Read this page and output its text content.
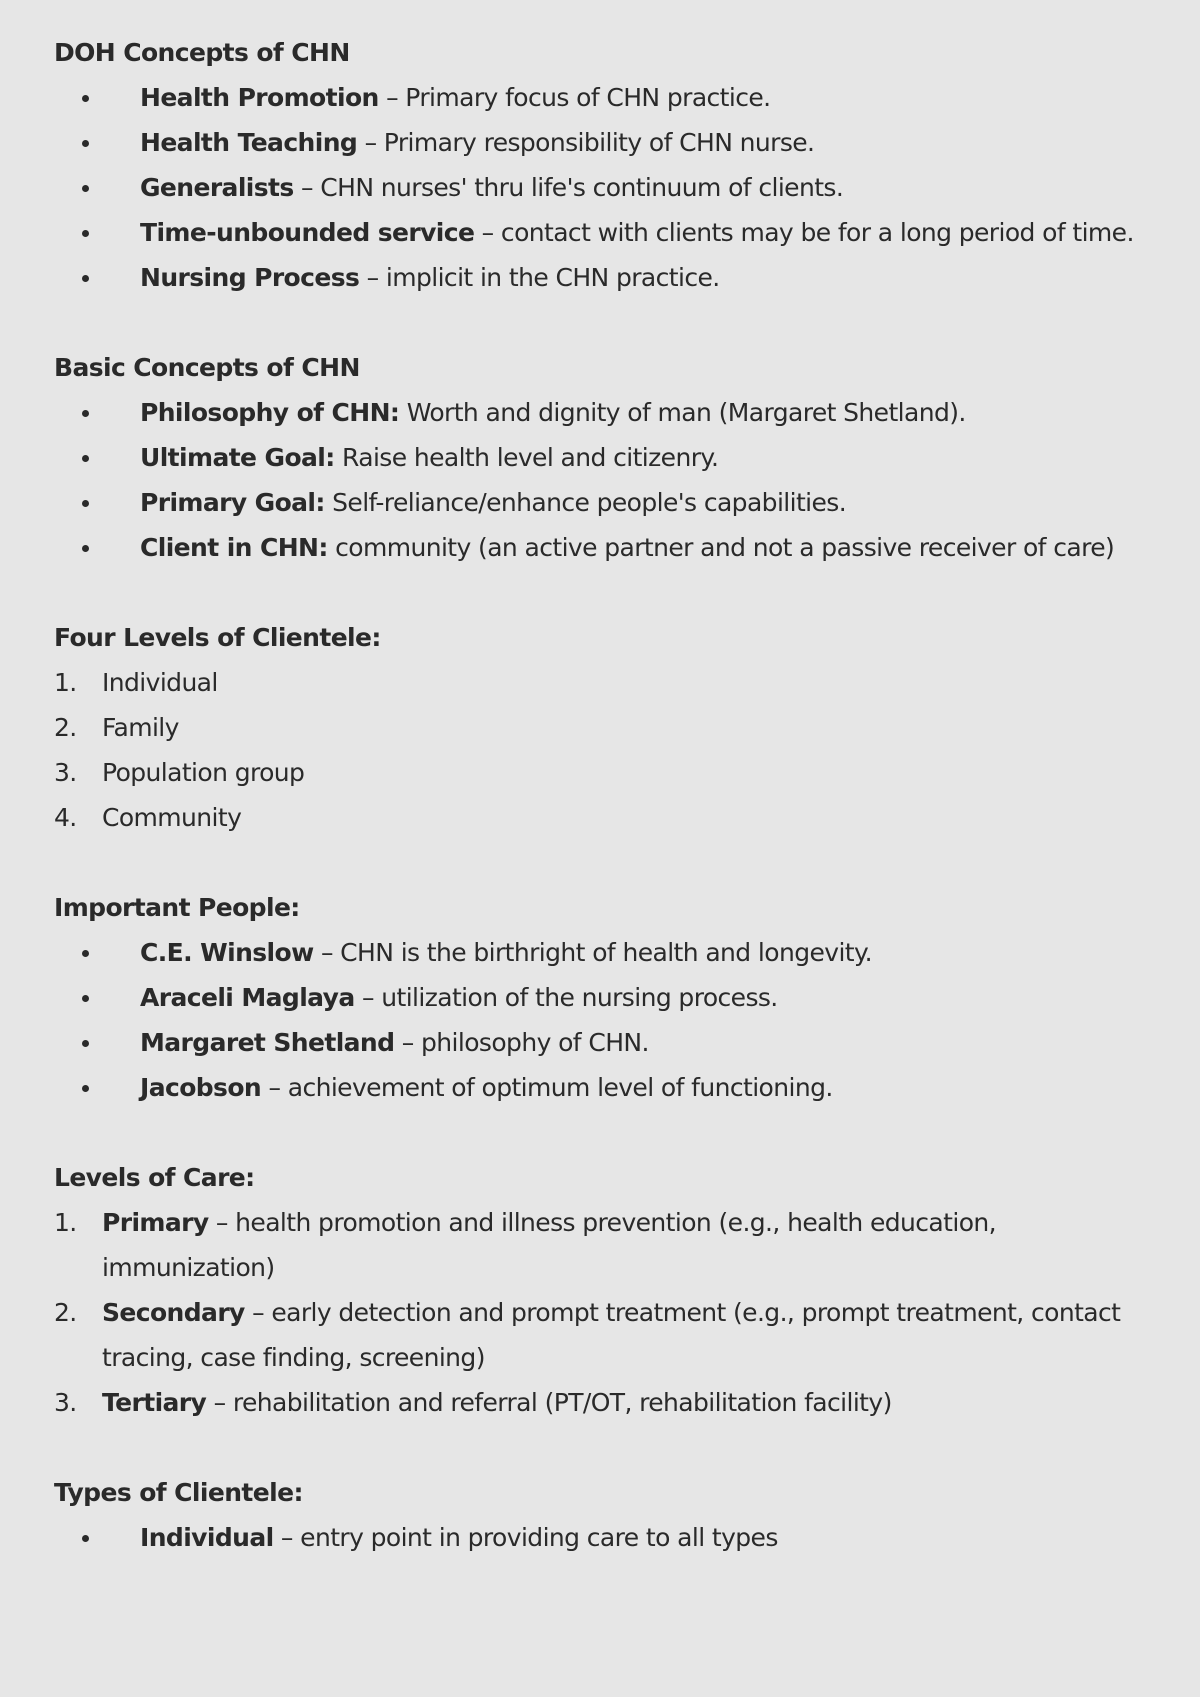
DOH Concepts of CHN
Health Promotion – Primary focus of CHN practice.
Health Teaching – Primary responsibility of CHN nurse.
Generalists – CHN nurses' thru life's continuum of clients.
Time-unbounded service – contact with clients may be for a long period of time.
Nursing Process – implicit in the CHN practice.
Basic Concepts of CHN
Philosophy of CHN: Worth and dignity of man (Margaret Shetland).
Ultimate Goal: Raise health level and citizenry.
Primary Goal: Self-reliance/enhance people's capabilities.
Client in CHN: community (an active partner and not a passive receiver of care)
Four Levels of Clientele:
1. Individual
2. Family
3. Population group
4. Community
Important People:
C.E. Winslow – CHN is the birthright of health and longevity.
Araceli Maglaya – utilization of the nursing process.
Margaret Shetland – philosophy of CHN.
Jacobson – achievement of optimum level of functioning.
Levels of Care:
1. Primary – health promotion and illness prevention (e.g., health education, immunization)
2. Secondary – early detection and prompt treatment (e.g., prompt treatment, contact tracing, case finding, screening)
3. Tertiary – rehabilitation and referral (PT/OT, rehabilitation facility)
Types of Clientele:
Individual – entry point in providing care to all types
